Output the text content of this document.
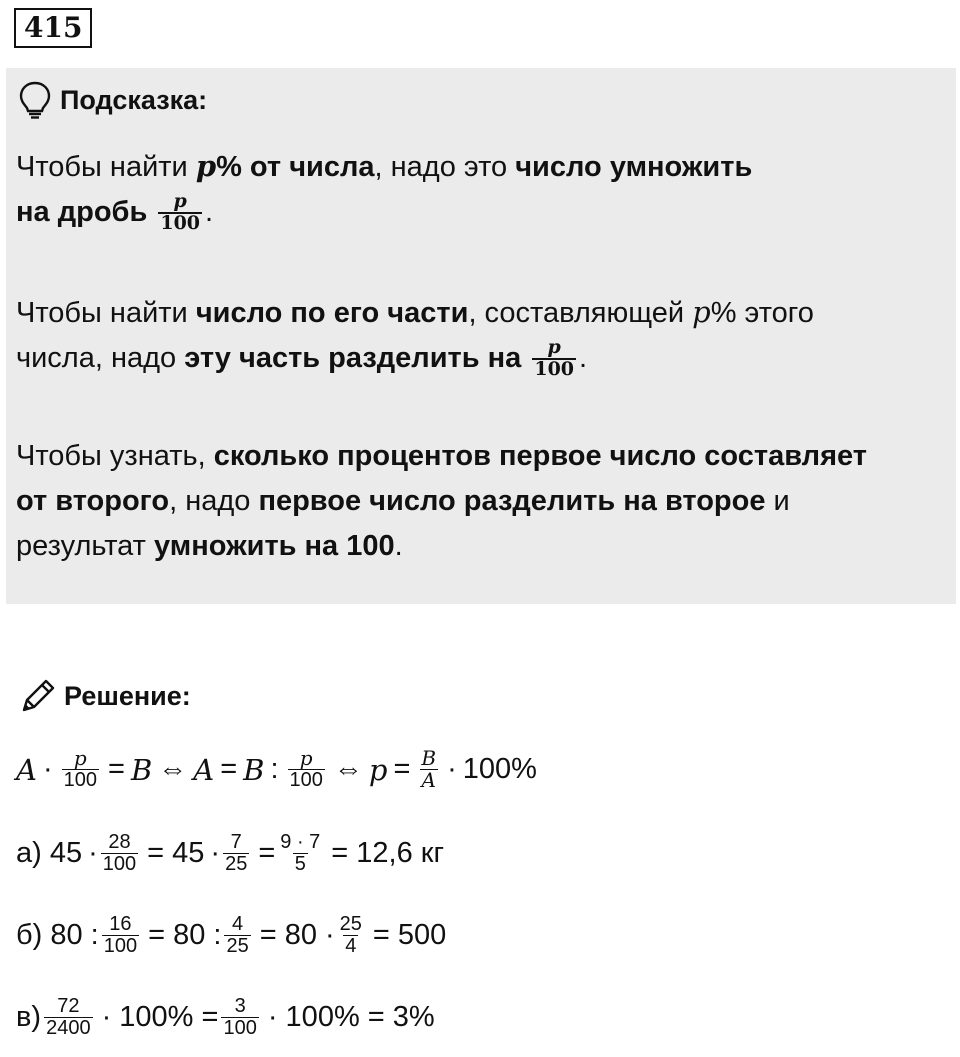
415
Подсказка:
Чтобы найти p% от числа, надо это число умножить
на дробь $\frac{p}{100}$ .
Чтобы найти число по его части, составляющей p% этого
числа, надо эту часть разделить на $\frac{p}{100}$ .
Чтобы узнать, сколько процентов первое число составляет
от второго, надо первое число разделить на второе и
результат умножить на 100.
Решение:
$A \cdot \frac{p}{100} = B$ ⇔ A = B : $\frac{p}{100}$ ⇔ $p = \frac{B}{A} \cdot 100\%$
а) $45 \cdot \frac{28}{100} = 45 \cdot \frac{7}{25} = \frac{9 \cdot 7}{5} = 12,6$ кг
б) 80 : $\frac{16}{100} = 80$ : $\frac{4}{25} = 80 \cdot \frac{25}{4} = 500$
$в) \frac{72}{2400} \cdot 100\% = \frac{3}{100} \cdot 100\% = 3\%$
